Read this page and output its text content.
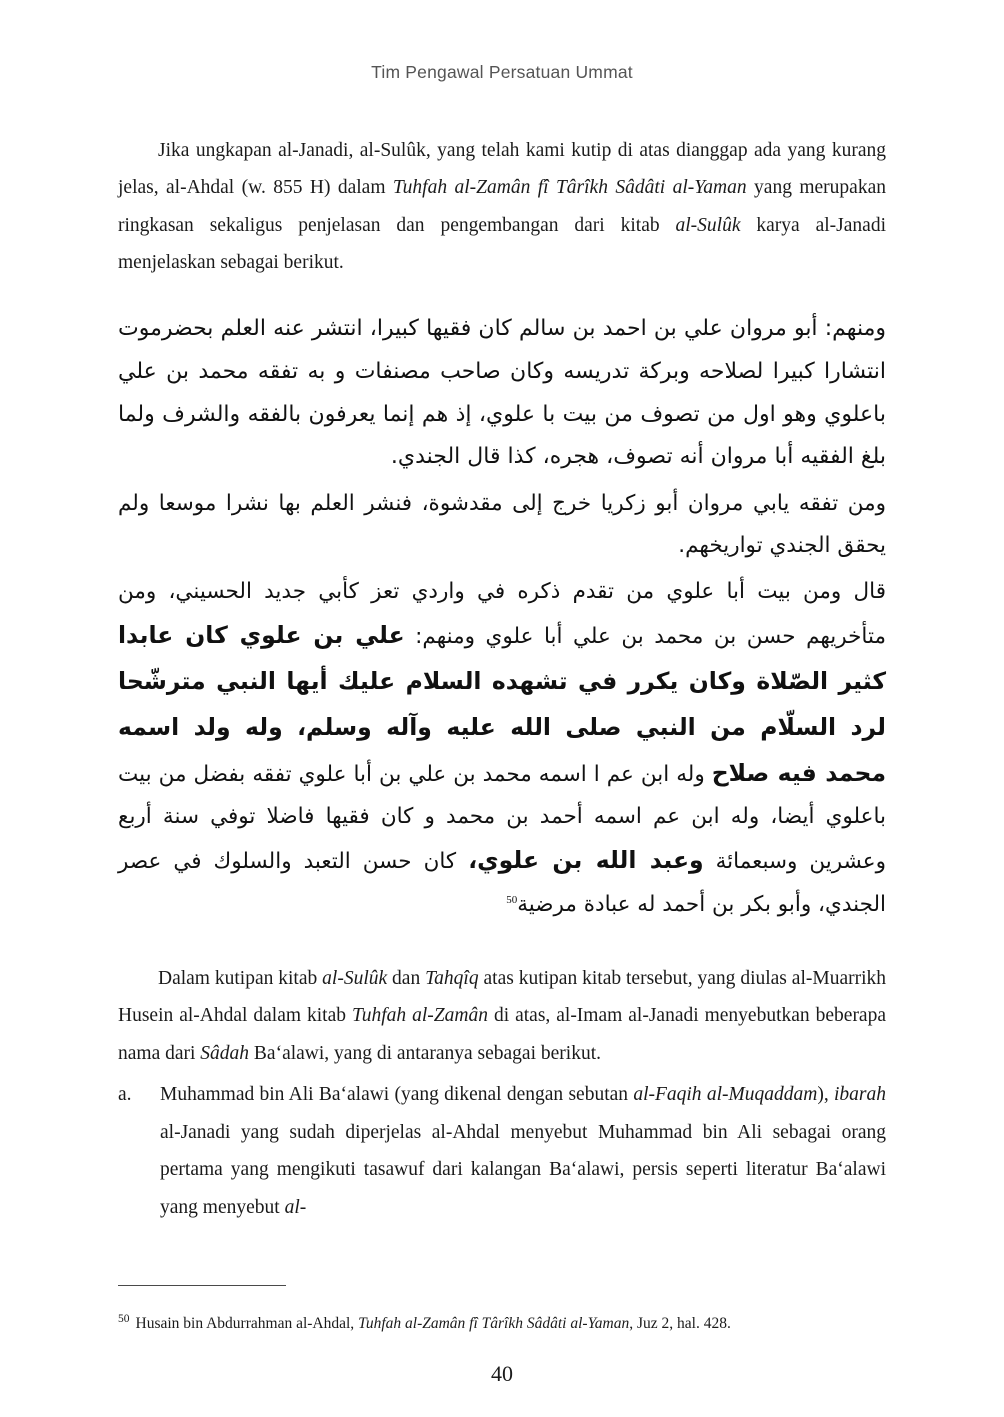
Tim Pengawal Persatuan Ummat

Jika ungkapan al-Janadi, al-Sulûk, yang telah kami kutip di atas dianggap ada yang kurang jelas, al-Ahdal (w. 855 H) dalam Tuhfah al-Zamân fî Târîkh Sâdâti al-Yaman yang merupakan ringkasan sekaligus penjelasan dan pengembangan dari kitab al-Sulûk karya al-Janadi menjelaskan sebagai berikut.

ومنهم: أبو مروان علي بن احمد بن سالم كان فقيها كبيرا، انتشر عنه العلم بحضرموت انتشارا كبيرا لصلاحه وبركة تدريسه وكان صاحب مصنفات و به تفقه محمد بن علي باعلوي وهو اول من تصوف من بيت با علوي، إذ هم إنما يعرفون بالفقه والشرف ولما بلغ الفقيه أبا مروان أنه تصوف، هجره، كذا قال الجندي.

ومن تفقه يابي مروان أبو زكريا خرج إلى مقدشوة، فنشر العلم بها نشرا موسعا ولم يحقق الجندي تواريخهم.

قال ومن بيت أبا علوي من تقدم ذكره في واردي تعز كأبي جديد الحسيني، ومن متأخريهم حسن بن محمد بن علي أبا علوي ومنهم: علي بن علوي كان عابدا كثير الصّلاة وكان يكرر في تشهده السلام عليك أيها النبي مترشّحا لرد السلّام من النبي صلى الله عليه وآله وسلم، وله ولد اسمه محمد فيه صلاح وله ابن عم ا اسمه محمد بن علي بن أبا علوي تفقه بفضل من بيت باعلوي أيضا، وله ابن عم اسمه أحمد بن محمد و كان فقيها فاضلا توفي سنة أربع وعشرين وسبعمائة وعبد الله بن علوي، كان حسن التعبد والسلوك في عصر الجندي، وأبو بكر بن أحمد له عبادة مرضية$^{50}$

Dalam kutipan kitab al-Sulûk dan Tahqîq atas kutipan kitab tersebut, yang diulas al-Muarrikh Husein al-Ahdal dalam kitab Tuhfah al-Zamân di atas, al-Imam al-Janadi menyebutkan beberapa nama dari Sâdah Ba‘alawi, yang di antaranya sebagai berikut.

a.	Muhammad bin Ali Ba‘alawi (yang dikenal dengan sebutan al-Faqih al-Muqaddam), ibarah al-Janadi yang sudah diperjelas al-Ahdal menyebut Muhammad bin Ali sebagai orang pertama yang mengikuti tasawuf dari kalangan Ba‘alawi, persis seperti literatur Ba‘alawi yang menyebut al-
$^{50}$ Husain bin Abdurrahman al-Ahdal, Tuhfah al-Zamân fî Târîkh Sâdâti al-Yaman, Juz 2, hal. 428.
40
